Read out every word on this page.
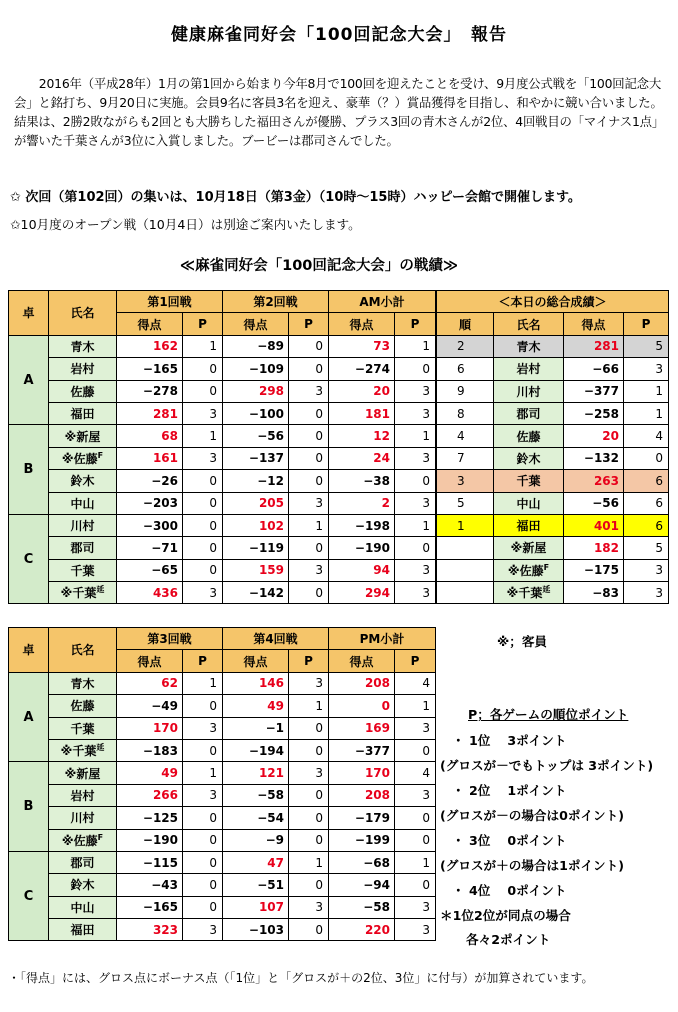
健康麻雀同好会「100回記念大会」　報告

2016年（平成28年）1月の第1回から始まり今年8月で100回を迎えたことを受け、9月度公式戦を「100回記念大会」と銘打ち、9月20日に実施。会員9名に客員3名を迎え、豪華（？）賞品獲得を目指し、和やかに競い合いました。結果は、2勝2敗ながらも2回とも大勝ちした福田さんが優勝、プラス3回の青木さんが2位、4回戦目の「マイナス1点」が響いた千葉さんが3位に入賞しました。ブービーは郡司さんでした。

✩ 次回（第102回）の集いは、10月18日（第3金）（10時～15時）ハッピー会館で開催します。
✩10月度のオープン戦（10月4日）は別途ご案内いたします。
≪麻雀同好会「100回記念大会」の戦績≫
卓	氏名	第1回戦		第2回戦		AM小計	
		得点	P	得点	P	得点	P
A	青木	162	1	−89	0	73	1
	岩村	−165	0	−109	0	−274	0
	佐藤	−278	0	298	3	20	3
	福田	281	3	−100	0	181	3
B	※新屋	68	1	−56	0	12	1
	※佐藤$^F$	161	3	−137	0	24	3
	鈴木	−26	0	−12	0	−38	0
	中山	−203	0	205	3	2	3
C	川村	−300	0	102	1	−198	1
	郡司	−71	0	−119	0	−190	0
	千葉	−65	0	159	3	94	3
	※千葉$^延$	436	3	−142	0	294	3
卓	氏名	第3回戦		第4回戦		PM小計	
		得点	P	得点	P	得点	P
A	青木	62	1	146	3	208	4
	佐藤	−49	0	49	1	0	1
	千葉	170	3	−1	0	169	3
	※千葉$^延$	−183	0	−194	0	−377	0
B	※新屋	49	1	121	3	170	4
	岩村	266	3	−58	0	208	3
	川村	−125	0	−54	0	−179	0
	※佐藤$^F$	−190	0	−9	0	−199	0
C	郡司	−115	0	47	1	−68	1
	鈴木	−43	0	−51	0	−94	0
	中山	−165	0	107	3	−58	3
	福田	323	3	−103	0	220	3
＜本日の総合成績＞			
順	氏名	得点	P
2	青木	281	5
6	岩村	−66	3
9	川村	−377	1
8	郡司	−258	1
4	佐藤	20	4
7	鈴木	−132	0
3	千葉	263	6
5	中山	−56	6
1	福田	401	6
	※新屋	182	5
	※佐藤$^F$	−175	3
	※千葉$^延$	−83	3
※；客員
P；各ゲームの順位ポイント
・ 1位　 3ポイント
(グロスが－でもトップは 3ポイント)
・ 2位　 1ポイント
(グロスが－の場合は0ポイント)
・ 3位　 0ポイント
(グロスが＋の場合は1ポイント)
・ 4位　 0ポイント
＊1位2位が同点の場合
各々2ポイント
・「得点」には、グロス点にボーナス点（「1位」と「グロスが＋の2位、3位」に付与）が加算されています。
